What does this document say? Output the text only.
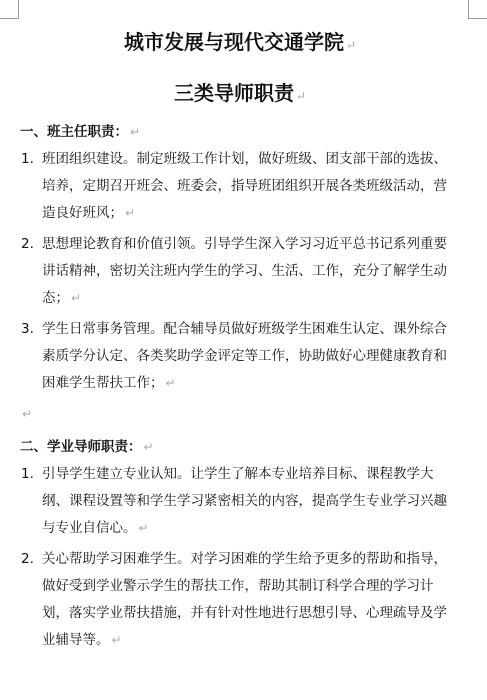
城市发展与现代交通学院 ↵
三类导师职责 ↵
一、班主任职责： ↵
1. 班团组织建设。制定班级工作计划，做好班级、团支部干部的选拔、培养，定期召开班会、班委会，指导班团组织开展各类班级活动，营造良好班风； ↵
2. 思想理论教育和价值引领。引导学生深入学习习近平总书记系列重要讲话精神，密切关注班内学生的学习、生活、工作，充分了解学生动态； ↵
3. 学生日常事务管理。配合辅导员做好班级学生困难生认定、课外综合素质学分认定、各类奖助学金评定等工作，协助做好心理健康教育和困难学生帮扶工作； ↵
↵
二、学业导师职责： ↵
1. 引导学生建立专业认知。让学生了解本专业培养目标、课程教学大纲、课程设置等和学生学习紧密相关的内容，提高学生专业学习兴趣与专业自信心。 ↵
2. 关心帮助学习困难学生。对学习困难的学生给予更多的帮助和指导，做好受到学业警示学生的帮扶工作，帮助其制订科学合理的学习计划，落实学业帮扶措施，并有针对性地进行思想引导、心理疏导及学业辅导等。 ↵
